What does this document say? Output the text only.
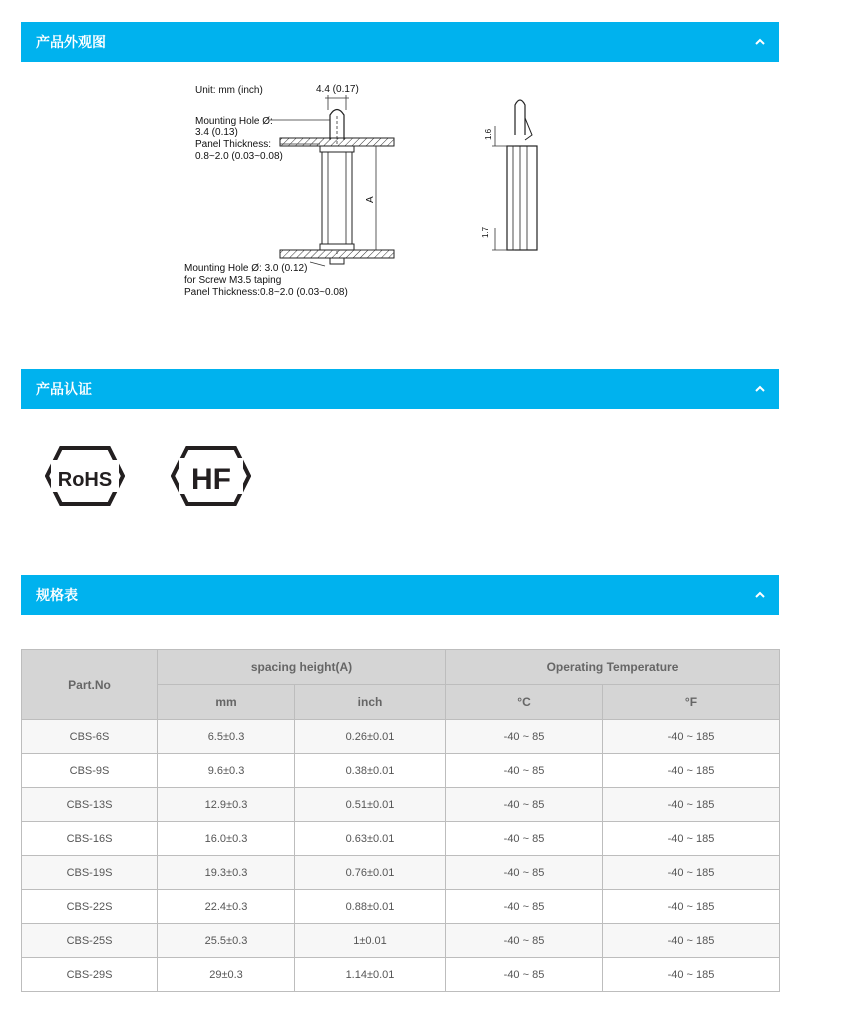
产品外观图
Unit: mm (inch)	4.4 (0.17)
Mounting Hole Ø:
3.4 (0.13)
Panel Thickness:
0.8~2.0 (0.03~0.08)
Mounting Hole Ø: 3.0 (0.12)
for Screw M3.5 taping
Panel Thickness:0.8~2.0 (0.03~0.08)
A
1.6
1.7
产品认证
RoHS	HF
规格表
Part.No	spacing height(A)		Operating Temperature	
	mm	inch	°C	°F
CBS-6S	6.5±0.3	0.26±0.01	-40 ~ 85	-40 ~ 185
CBS-9S	9.6±0.3	0.38±0.01	-40 ~ 85	-40 ~ 185
CBS-13S	12.9±0.3	0.51±0.01	-40 ~ 85	-40 ~ 185
CBS-16S	16.0±0.3	0.63±0.01	-40 ~ 85	-40 ~ 185
CBS-19S	19.3±0.3	0.76±0.01	-40 ~ 85	-40 ~ 185
CBS-22S	22.4±0.3	0.88±0.01	-40 ~ 85	-40 ~ 185
CBS-25S	25.5±0.3	1±0.01	-40 ~ 85	-40 ~ 185
CBS-29S	29±0.3	1.14±0.01	-40 ~ 85	-40 ~ 185
